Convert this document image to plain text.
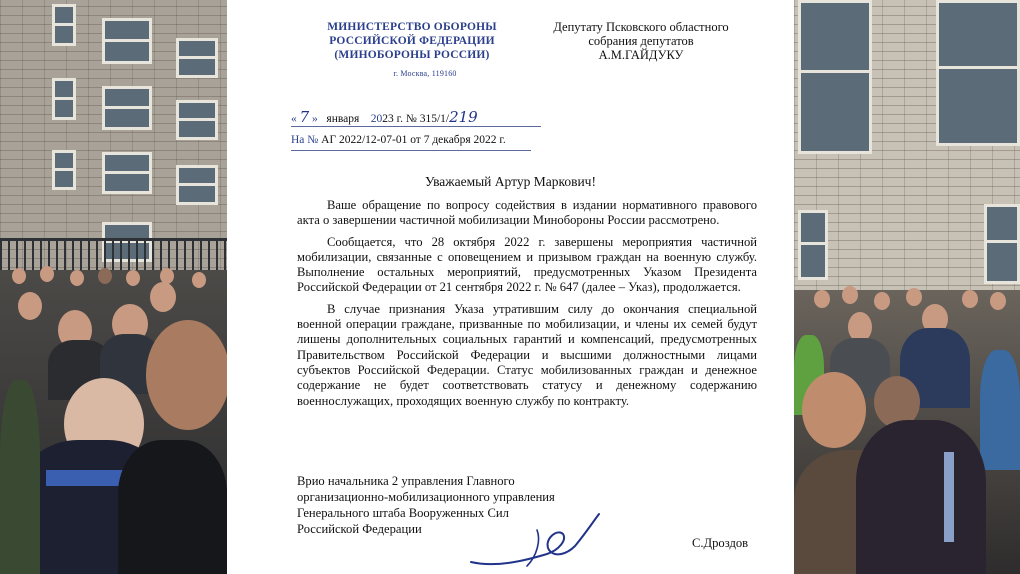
МИНИСТЕРСТВО ОБОРОНЫ
РОССИЙСКОЙ ФЕДЕРАЦИИ
(МИНОБОРОНЫ РОССИИ)
г. Москва, 119160
Депутату Псковского областного
собрания депутатов
А.М.ГАЙДУКУ
« 7 »   января 2023 г. № 315/1/219
На № АГ 2022/12-07-01 от 7 декабря 2022 г.
Уважаемый Артур Маркович!

Ваше обращение по вопросу содействия в издании нормативного правового акта о завершении частичной мобилизации Минобороны России рассмотрено.

Сообщается, что 28 октября 2022 г. завершены мероприятия частичной мобилизации, связанные с оповещением и призывом граждан на военную службу. Выполнение остальных мероприятий, предусмотренных Указом Президента Российской Федерации от 21 сентября 2022 г. № 647 (далее – Указ), продолжается.

В случае признания Указа утратившим силу до окончания специальной военной операции граждане, призванные по мобилизации, и члены их семей будут лишены дополнительных социальных гарантий и компенсаций, предусмотренных Правительством Российской Федерации и высшими должностными лицами субъектов Российской Федерации. Статус мобилизованных граждан и денежное содержание не будет соответствовать статусу и денежному содержанию военнослужащих, проходящих военную службу по контракту.

Врио начальника 2 управления Главного
организационно-мобилизационного управления
Генерального штаба Вооруженных Сил
Российской Федерации
С.Дроздов
